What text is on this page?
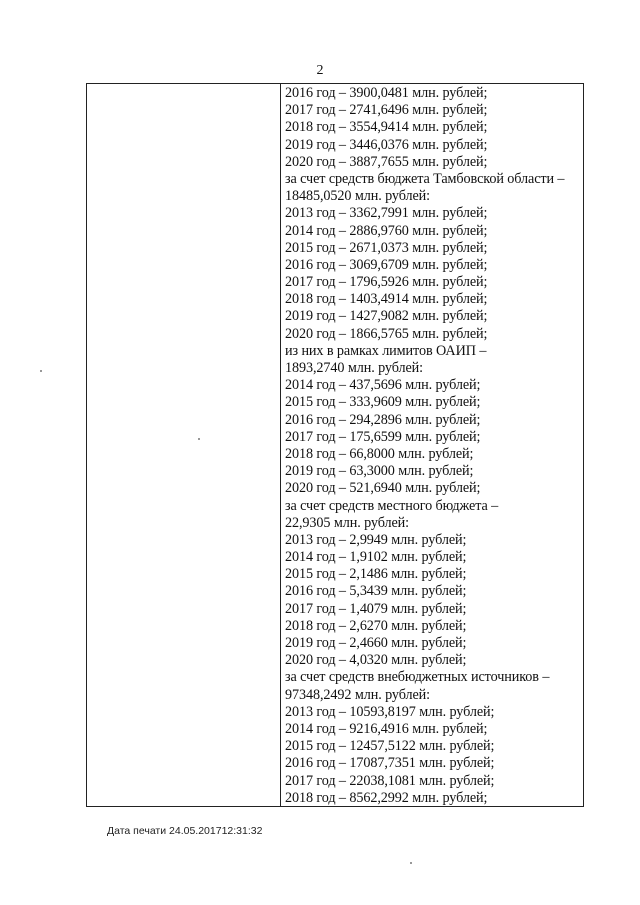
2
2016 год – 3900,0481 млн. рублей;
2017 год – 2741,6496 млн. рублей;
2018 год – 3554,9414 млн. рублей;
2019 год – 3446,0376 млн. рублей;
2020 год – 3887,7655 млн. рублей;
за счет средств бюджета Тамбовской области –
18485,0520 млн. рублей:
2013 год – 3362,7991 млн. рублей;
2014 год – 2886,9760 млн. рублей;
2015 год – 2671,0373 млн. рублей;
2016 год – 3069,6709 млн. рублей;
2017 год – 1796,5926 млн. рублей;
2018 год – 1403,4914 млн. рублей;
2019 год – 1427,9082 млн. рублей;
2020 год – 1866,5765 млн. рублей;
из них в рамках лимитов ОАИП –
1893,2740 млн. рублей:
2014 год – 437,5696 млн. рублей;
2015 год – 333,9609 млн. рублей;
2016 год – 294,2896 млн. рублей;
2017 год – 175,6599 млн. рублей;
2018 год – 66,8000 млн. рублей;
2019 год – 63,3000 млн. рублей;
2020 год – 521,6940 млн. рублей;
за счет средств местного бюджета –
22,9305 млн. рублей:
2013 год – 2,9949 млн. рублей;
2014 год – 1,9102 млн. рублей;
2015 год – 2,1486 млн. рублей;
2016 год – 5,3439 млн. рублей;
2017 год – 1,4079 млн. рублей;
2018 год – 2,6270 млн. рублей;
2019 год – 2,4660 млн. рублей;
2020 год – 4,0320 млн. рублей;
за счет средств внебюджетных источников –
97348,2492 млн. рублей:
2013 год – 10593,8197 млн. рублей;
2014 год – 9216,4916 млн. рублей;
2015 год – 12457,5122 млн. рублей;
2016 год – 17087,7351 млн. рублей;
2017 год – 22038,1081 млн. рублей;
2018 год – 8562,2992 млн. рублей;
Дата печати 24.05.201712:31:32
